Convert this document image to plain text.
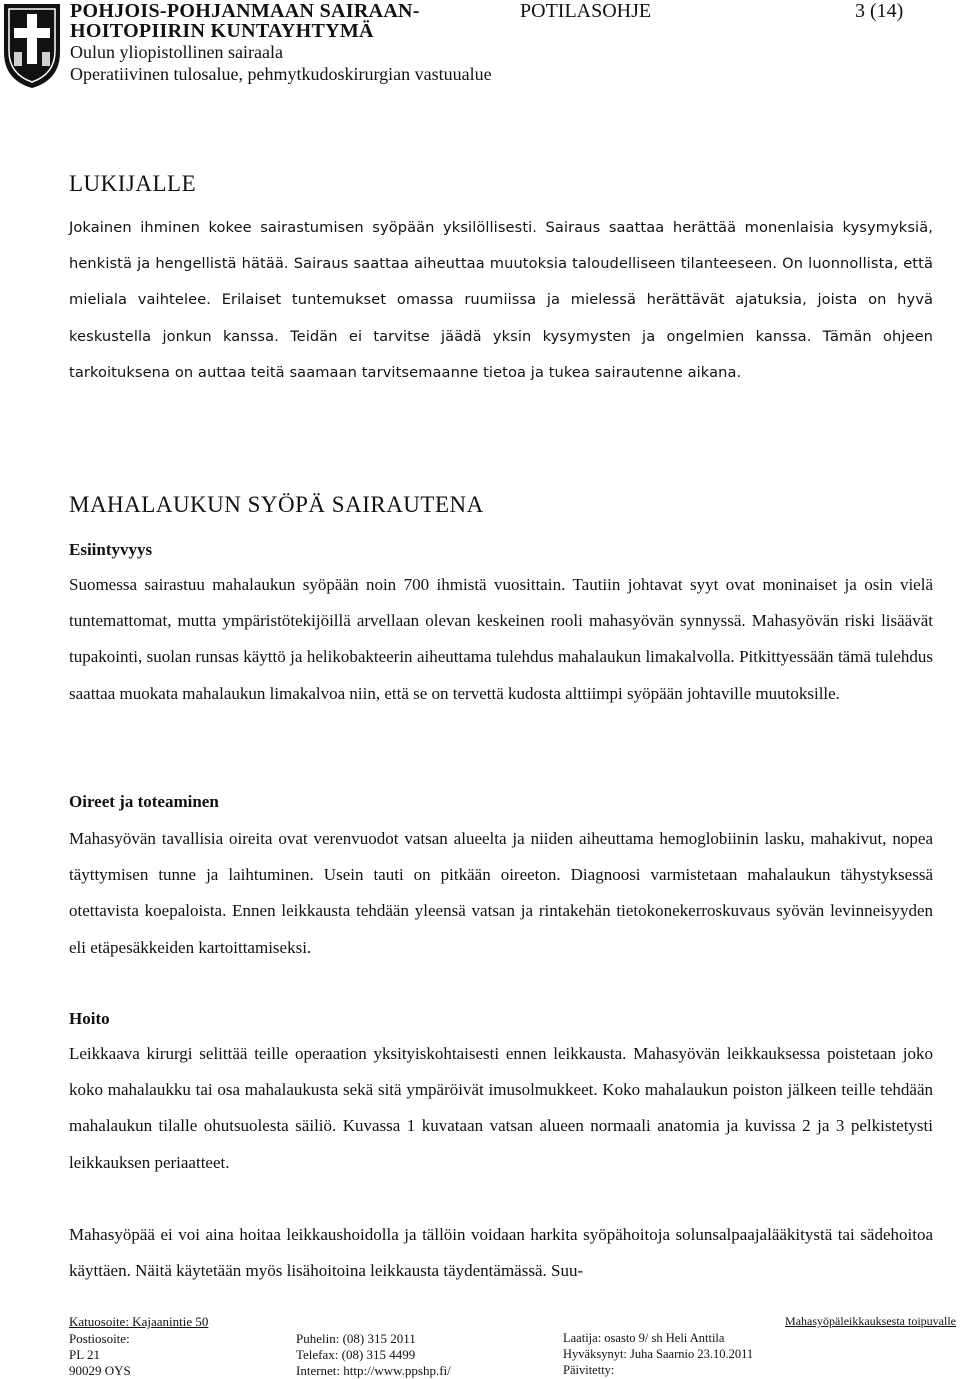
POHJOIS-POHJANMAAN SAIRAAN-
HOITOPIIRIN KUNTAYHTYMÄ
Oulun yliopistollinen sairaala
Operatiivinen tulosalue, pehmytkudoskirurgian vastuualue
POTILASOHJE	3 (14)
LUKIJALLE

Jokainen ihminen kokee sairastumisen syöpään yksilöllisesti. Sairaus saattaa herättää monenlaisia kysymyksiä, henkistä ja hengellistä hätää. Sairaus saattaa aiheuttaa muutoksia taloudelliseen tilanteeseen. On luonnollista, että mieliala vaihtelee. Erilaiset tuntemukset omassa ruumiissa ja mielessä herättävät ajatuksia, joista on hyvä keskustella jonkun kanssa. Teidän ei tarvitse jäädä yksin kysymysten ja ongelmien kanssa. Tämän ohjeen tarkoituksena on auttaa teitä saamaan tarvitsemaanne tietoa ja tukea sairautenne aikana.

MAHALAUKUN SYÖPÄ SAIRAUTENA
Esiintyvyys

Suomessa sairastuu mahalaukun syöpään noin 700 ihmistä vuosittain. Tautiin johtavat syyt ovat moninaiset ja osin vielä tuntemattomat, mutta ympäristötekijöillä arvellaan olevan keskeinen rooli mahasyövän synnyssä. Mahasyövän riski lisäävät tupakointi, suolan runsas käyttö ja helikobakteerin aiheuttama tulehdus mahalaukun limakalvolla. Pitkittyessään tämä tulehdus saattaa muokata mahalaukun limakalvoa niin, että se on tervettä kudosta alttiimpi syöpään johtaville muutoksille.

Oireet ja toteaminen

Mahasyövän tavallisia oireita ovat verenvuodot vatsan alueelta ja niiden aiheuttama hemoglobiinin lasku, mahakivut, nopea täyttymisen tunne ja laihtuminen. Usein tauti on pitkään oireeton. Diagnoosi varmistetaan mahalaukun tähystyksessä otettavista koepaloista. Ennen leikkausta tehdään yleensä vatsan ja rintakehän tietokonekerroskuvaus syövän levinneisyyden eli etäpesäkkeiden kartoittamiseksi.

Hoito

Leikkaava kirurgi selittää teille operaation yksityiskohtaisesti ennen leikkausta. Mahasyövän leikkauksessa poistetaan joko koko mahalaukku tai osa mahalaukusta sekä sitä ympäröivät imusolmukkeet. Koko mahalaukun poiston jälkeen teille tehdään mahalaukun tilalle ohutsuolesta säiliö. Kuvassa 1 kuvataan vatsan alueen normaali anatomia ja kuvissa 2 ja 3 pelkistetysti leikkauksen periaatteet.

Mahasyöpää ei voi aina hoitaa leikkaushoidolla ja tällöin voidaan harkita syöpähoitoja solunsalpaajalääkitystä tai sädehoitoa käyttäen. Näitä käytetään myös lisähoitoina leikkausta täydentämässä. Suu-

Katuosoite: Kajaanintie 50
Postiosoite:
PL 21
90029 OYS
Puhelin: (08) 315 2011
Telefax: (08) 315 4499
Internet: http://www.ppshp.fi/
Mahasyöpäleikkauksesta toipuvalle
Laatija: osasto 9/ sh Heli Anttila
Hyväksynyt: Juha Saarnio 23.10.2011
Päivitetty:
